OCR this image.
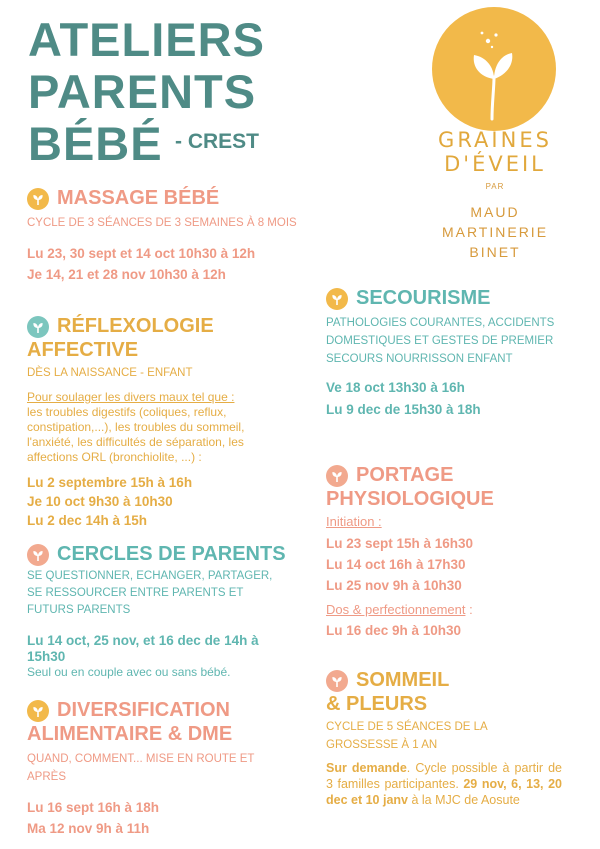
ATELIERS
PARENTS
BÉBÉ - CREST	GRAINES
D'ÉVEIL
PAR
MAUD
MARTINERIE
BINET
MASSAGE BÉBÉ
CYCLE DE 3 SÉANCES DE 3 SEMAINES À 8 MOIS
Lu 23, 30 sept et 14 oct 10h30 à 12h
Je 14, 21 et 28 nov 10h30 à 12h
RÉFLEXOLOGIE
AFFECTIVE
DÈS LA NAISSANCE - ENFANT
Pour soulager les divers maux tel que :
les troubles digestifs (coliques, reflux, constipation,...), les troubles du sommeil, l'anxiété, les difficultés de séparation, les affections ORL (bronchiolite, ...) :
Lu 2 septembre 15h à 16h
Je 10 oct 9h30 à 10h30
Lu 2 dec 14h à 15h
CERCLES DE PARENTS
SE QUESTIONNER, ECHANGER, PARTAGER, SE RESSOURCER ENTRE PARENTS ET FUTURS PARENTS
Lu 14 oct, 25 nov, et 16 dec de 14h à 15h30
Seul ou en couple avec ou sans bébé.
DIVERSIFICATION
ALIMENTAIRE & DME
QUAND, COMMENT... MISE EN ROUTE ET APRÈS
Lu 16 sept 16h à 18h
Ma 12 nov 9h à 11h
SECOURISME
PATHOLOGIES COURANTES, ACCIDENTS DOMESTIQUES ET GESTES DE PREMIER SECOURS NOURRISSON ENFANT
Ve 18 oct 13h30 à 16h
Lu 9 dec de 15h30 à 18h
PORTAGE
PHYSIOLOGIQUE
Initiation :
Lu 23 sept 15h à 16h30
Lu 14 oct 16h à 17h30
Lu 25 nov 9h à 10h30
Dos & perfectionnement :
Lu 16 dec 9h à 10h30
SOMMEIL
& PLEURS
CYCLE DE 5 SÉANCES DE LA GROSSESSE À 1 AN
Sur demande. Cycle possible à partir de 3 familles participantes. 29 nov, 6, 13, 20 dec et 10 janv à la MJC de Aosute
